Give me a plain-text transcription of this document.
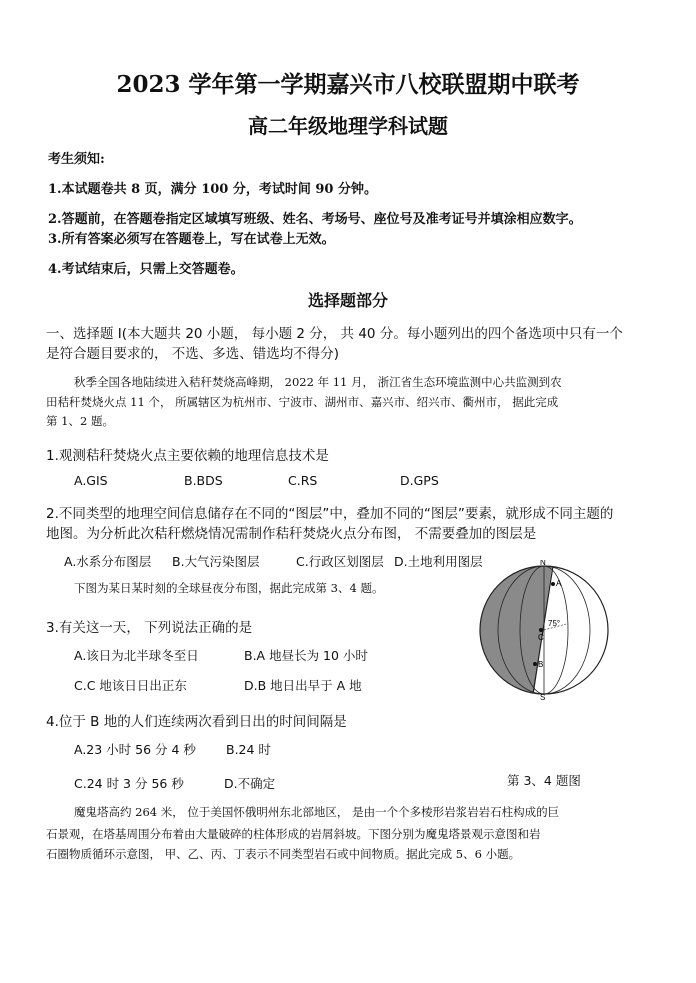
2023 学年第一学期嘉兴市八校联盟期中联考
高二年级地理学科试题
考生须知:
1.本试题卷共 8 页，满分 100 分，考试时间 90 分钟。
2.答题前，在答题卷指定区域填写班级、姓名、考场号、座位号及准考证号并填涂相应数字。
3.所有答案必须写在答题卷上，写在试卷上无效。
4.考试结束后，只需上交答题卷。
选择题部分
一、选择题 I(本大题共 20 小题， 每小题 2 分， 共 40 分。每小题列出的四个备选项中只有一个
是符合题目要求的， 不选、多选、错选均不得分)
秋季全国各地陆续进入秸秆焚烧高峰期， 2022 年 11 月， 浙江省生态环境监测中心共监测到农
田秸秆焚烧火点 11 个， 所属辖区为杭州市、宁波市、湖州市、嘉兴市、绍兴市、衢州市， 据此完成
第 1、2 题。
1.观测秸秆焚烧火点主要依赖的地理信息技术是
A.GIS	B.BDS	C.RS	D.GPS
2.不同类型的地理空间信息储存在不同的“图层”中，叠加不同的“图层”要素，就形成不同主题的
地图。为分析此次秸秆燃烧情况需制作秸秆焚烧火点分布图， 不需要叠加的图层是
A.水系分布图层 B.大气污染图层	C.行政区划图层 D.土地利用图层
下图为某日某时刻的全球昼夜分布图，据此完成第 3、4 题。
3.有关这一天， 下列说法正确的是
A.该日为北半球冬至日	B.A 地昼长为 10 小时
C.C 地该日日出正东	D.B 地日出早于 A 地
4.位于 B 地的人们连续两次看到日出的时间间隔是
A.23 小时 56 分 4 秒 B.24 时
C.24 时 3 分 56 秒	D.不确定
N
S
A
C
B
75°
第 3、4 题图
魔鬼塔高约 264 米， 位于美国怀俄明州东北部地区， 是由一个个多棱形岩浆岩岩石柱构成的巨
石景观，在塔基周围分布着由大量破碎的柱体形成的岩屑斜坡。下图分别为魔鬼塔景观示意图和岩
石圈物质循环示意图， 甲、乙、丙、丁表示不同类型岩石或中间物质。据此完成 5、6 小题。
